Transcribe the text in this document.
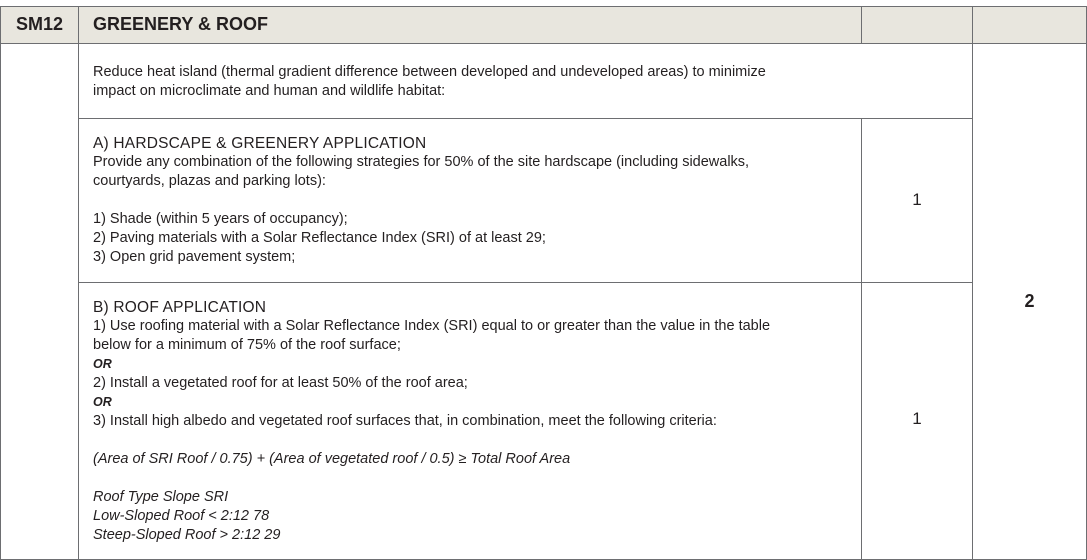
SM12	GREENERY & ROOF
Reduce heat island (thermal gradient difference between developed and undeveloped areas) to minimize
impact on microclimate and human and wildlife habitat:
A) HARDSCAPE & GREENERY APPLICATION
Provide any combination of the following strategies for 50% of the site hardscape (including sidewalks,
courtyards, plazas and parking lots):
1) Shade (within 5 years of occupancy);
2) Paving materials with a Solar Reflectance Index (SRI) of at least 29;
3) Open grid pavement system;
1
B) ROOF APPLICATION
1) Use roofing material with a Solar Reflectance Index (SRI) equal to or greater than the value in the table
below for a minimum of 75% of the roof surface;
OR
2) Install a vegetated roof for at least 50% of the roof area;
OR
3) Install high albedo and vegetated roof surfaces that, in combination, meet the following criteria:
(Area of SRI Roof / 0.75) + (Area of vegetated roof / 0.5) ≥ Total Roof Area
Roof Type Slope SRI
Low-Sloped Roof < 2:12 78
Steep-Sloped Roof > 2:12 29
1
2
